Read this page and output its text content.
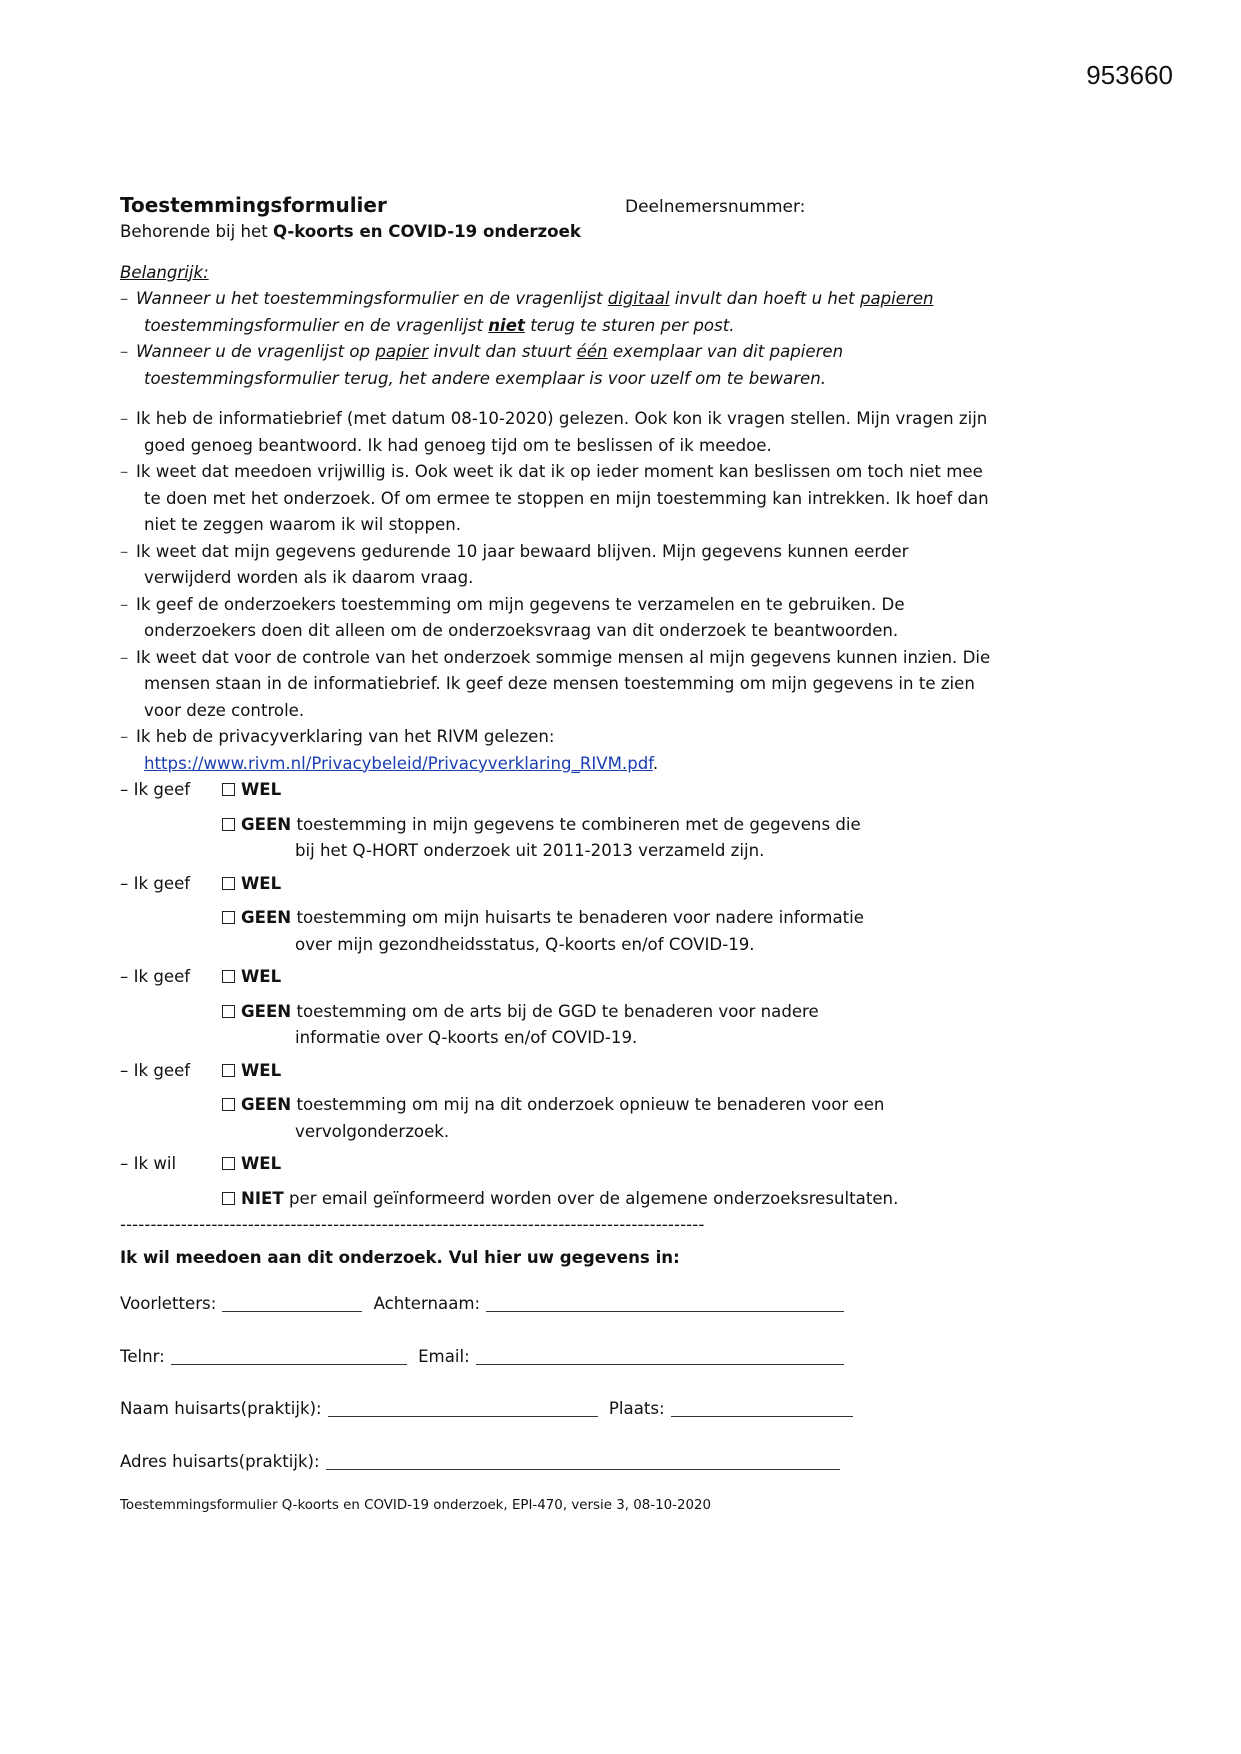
953660
Toestemmingsformulier	Deelnemersnummer:
Behorende bij het Q-koorts en COVID-19 onderzoek
Belangrijk:
– Wanneer u het toestemmingsformulier en de vragenlijst digitaal invult dan hoeft u het papieren
toestemmingsformulier en de vragenlijst niet terug te sturen per post.
– Wanneer u de vragenlijst op papier invult dan stuurt één exemplaar van dit papieren
toestemmingsformulier terug, het andere exemplaar is voor uzelf om te bewaren.
– Ik heb de informatiebrief (met datum 08-10-2020) gelezen. Ook kon ik vragen stellen. Mijn vragen zijn
goed genoeg beantwoord. Ik had genoeg tijd om te beslissen of ik meedoe.
– Ik weet dat meedoen vrijwillig is. Ook weet ik dat ik op ieder moment kan beslissen om toch niet mee
te doen met het onderzoek. Of om ermee te stoppen en mijn toestemming kan intrekken. Ik hoef dan
niet te zeggen waarom ik wil stoppen.
– Ik weet dat mijn gegevens gedurende 10 jaar bewaard blijven. Mijn gegevens kunnen eerder
verwijderd worden als ik daarom vraag.
– Ik geef de onderzoekers toestemming om mijn gegevens te verzamelen en te gebruiken. De
onderzoekers doen dit alleen om de onderzoeksvraag van dit onderzoek te beantwoorden.
– Ik weet dat voor de controle van het onderzoek sommige mensen al mijn gegevens kunnen inzien. Die
mensen staan in de informatiebrief. Ik geef deze mensen toestemming om mijn gegevens in te zien
voor deze controle.
– Ik heb de privacyverklaring van het RIVM gelezen:
https://www.rivm.nl/Privacybeleid/Privacyverklaring_RIVM.pdf.
– Ik geef	WEL
GEEN toestemming in mijn gegevens te combineren met de gegevens die
bij het Q-HORT onderzoek uit 2011-2013 verzameld zijn.
– Ik geef	WEL
GEEN toestemming om mijn huisarts te benaderen voor nadere informatie
over mijn gezondheidsstatus, Q-koorts en/of COVID-19.
– Ik geef	WEL
GEEN toestemming om de arts bij de GGD te benaderen voor nadere
informatie over Q-koorts en/of COVID-19.
– Ik geef	WEL
GEEN toestemming om mij na dit onderzoek opnieuw te benaderen voor een
vervolgonderzoek.
– Ik wil	WEL
NIET per email geïnformeerd worden over de algemene onderzoeksresultaten.
------------------------------------------------------------------------------------------------
Ik wil meedoen aan dit onderzoek. Vul hier uw gegevens in:
Voorletters:	Achternaam:
Telnr:	Email:
Naam huisarts(praktijk):	Plaats:
Adres huisarts(praktijk):
Toestemmingsformulier Q-koorts en COVID-19 onderzoek, EPI-470, versie 3, 08-10-2020
